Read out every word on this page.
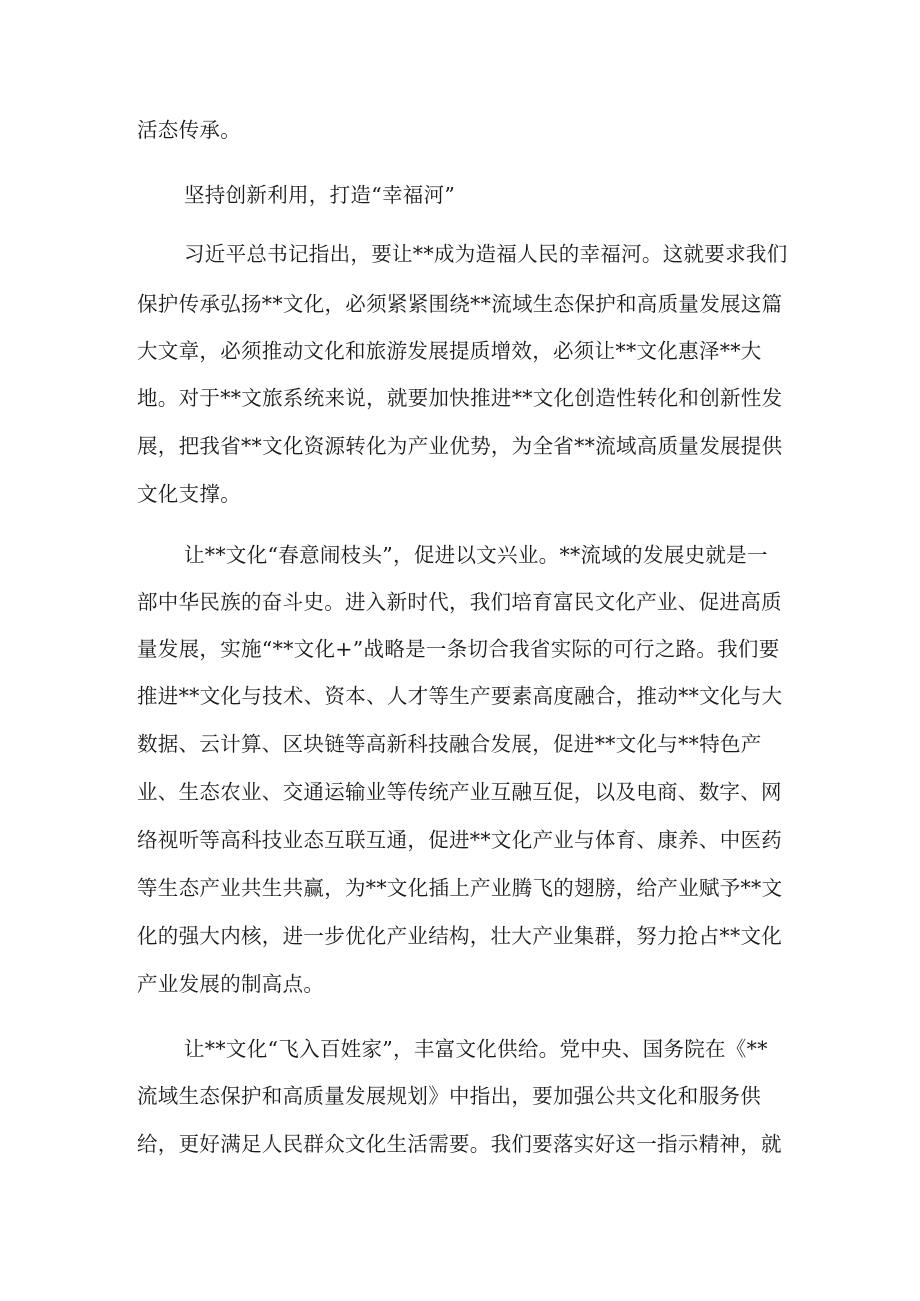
活态传承。
坚持创新利用，打造“幸福河”
习近平总书记指出，要让**成为造福人民的幸福河。这就要求我们
保护传承弘扬**文化，必须紧紧围绕**流域生态保护和高质量发展这篇
大文章，必须推动文化和旅游发展提质增效，必须让**文化惠泽**大
地。对于**文旅系统来说，就要加快推进**文化创造性转化和创新性发
展，把我省**文化资源转化为产业优势，为全省**流域高质量发展提供
文化支撑。
让**文化“春意闹枝头”，促进以文兴业。**流域的发展史就是一
部中华民族的奋斗史。进入新时代，我们培育富民文化产业、促进高质
量发展，实施“**文化+”战略是一条切合我省实际的可行之路。我们要
推进**文化与技术、资本、人才等生产要素高度融合，推动**文化与大
数据、云计算、区块链等高新科技融合发展，促进**文化与**特色产
业、生态农业、交通运输业等传统产业互融互促，以及电商、数字、网
络视听等高科技业态互联互通，促进**文化产业与体育、康养、中医药
等生态产业共生共赢，为**文化插上产业腾飞的翅膀，给产业赋予**文
化的强大内核，进一步优化产业结构，壮大产业集群，努力抢占**文化
产业发展的制高点。
让**文化“飞入百姓家”，丰富文化供给。党中央、国务院在《**
流域生态保护和高质量发展规划》中指出，要加强公共文化和服务供
给，更好满足人民群众文化生活需要。我们要落实好这一指示精神，就
